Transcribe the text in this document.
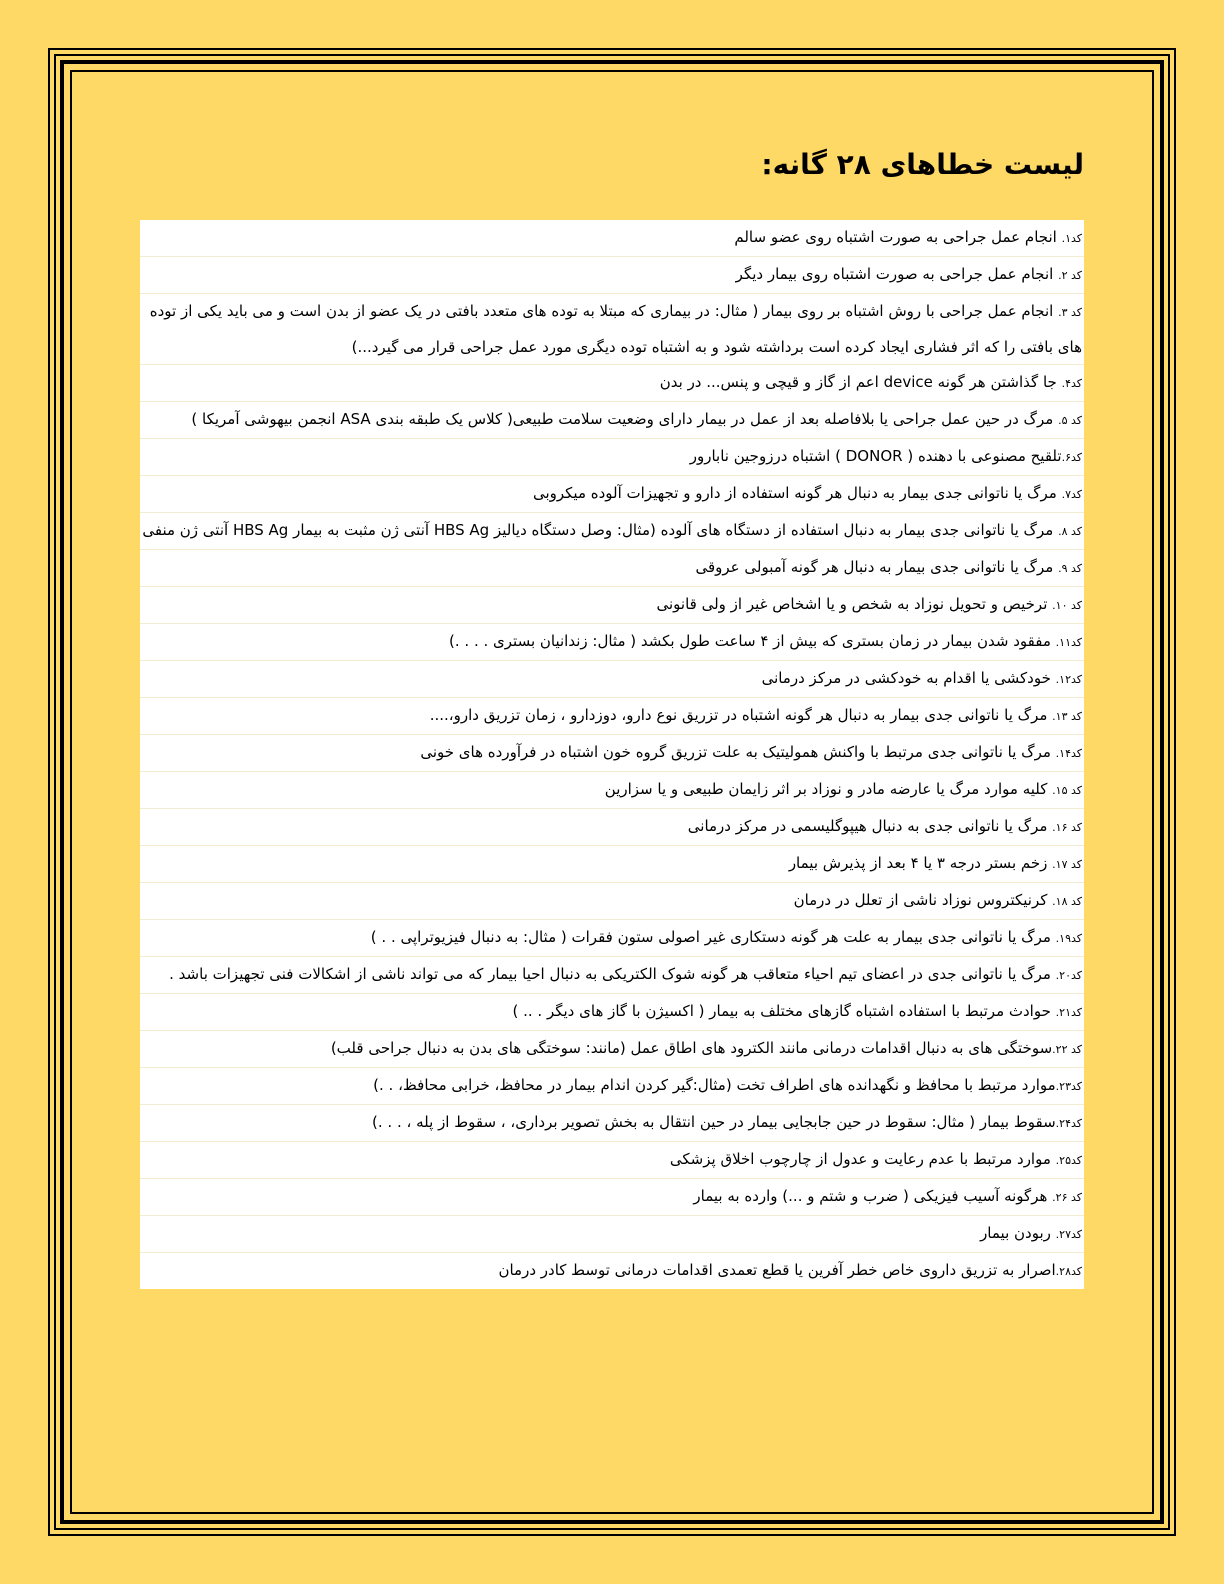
لیست خطاهای ۲۸ گانه:
کد۱. انجام عمل جراحی به صورت اشتباه روی عضو سالم
کد ۲. انجام عمل جراحی به صورت اشتباه روی بیمار دیگر
کد ۳. انجام عمل جراحی با روش اشتباه بر روی بیمار ( مثال: در بیماری که مبتلا به توده های متعدد بافتی در یک عضو از بدن است و می باید یکی از توده های بافتی را که اثر فشاری ایجاد کرده است برداشته شود و به اشتباه توده دیگری مورد عمل جراحی قرار می گیرد...)
کد۴. جا گذاشتن هر گونه device اعم از گاز و قیچی و پنس... در بدن
کد ۵. مرگ در حین عمل جراحی یا بلافاصله بعد از عمل در بیمار دارای وضعیت سلامت طبیعی( کلاس یک طبقه بندی ASA انجمن بیهوشی آمریکا )
کد۶.تلقیح مصنوعی با دهنده ( DONOR ) اشتباه درزوجین نابارور
کد۷. مرگ یا ناتوانی جدی بیمار به دنبال هر گونه استفاده از دارو و تجهیزات آلوده میکروبی
کد ۸. مرگ یا ناتوانی جدی بیمار به دنبال استفاده از دستگاه های آلوده (مثال: وصل دستگاه دیالیز HBS Ag آنتی ژن مثبت به بیمار HBS Ag آنتی ژن منفی
کد ۹. مرگ یا ناتوانی جدی بیمار به دنبال هر گونه آمبولی عروقی
کد ۱۰. ترخیص و تحویل نوزاد به شخص و یا اشخاص غیر از ولی قانونی
کد۱۱. مفقود شدن بیمار در زمان بستری که بیش از ۴ ساعت طول بکشد ( مثال: زندانیان بستری . . . .)
کد۱۲. خودکشی یا اقدام به خودکشی در مرکز درمانی
کد ۱۳. مرگ یا ناتوانی جدی بیمار به دنبال هر گونه اشتباه در تزریق نوع دارو، دوزدارو ، زمان تزریق دارو،....
کد۱۴. مرگ یا ناتوانی جدی مرتبط با واکنش همولیتیک به علت تزریق گروه خون اشتباه در فرآورده های خونی
کد ۱۵. کلیه موارد مرگ یا عارضه مادر و نوزاد بر اثر زایمان طبیعی و یا سزارین
کد ۱۶. مرگ یا ناتوانی جدی به دنبال هیپوگلیسمی در مرکز درمانی
کد ۱۷. زخم بستر درجه ۳ یا ۴ بعد از پذیرش بیمار
کد ۱۸. کرنیکتروس نوزاد ناشی از تعلل در درمان
کد۱۹. مرگ یا ناتوانی جدی بیمار به علت هر گونه دستکاری غیر اصولی ستون فقرات ( مثال: به دنبال فیزیوتراپی . . )
کد۲۰. مرگ یا ناتوانی جدی در اعضای تیم احیاء متعاقب هر گونه شوک الکتریکی به دنبال احیا بیمار که می تواند ناشی از اشکالات فنی تجهیزات باشد .
کد۲۱. حوادث مرتبط با استفاده اشتباه گازهای مختلف به بیمار ( اکسیژن با گاز های دیگر . .. )
کد ۲۲.سوختگی های به دنبال اقدامات درمانی مانند الکترود های اطاق عمل (مانند: سوختگی های بدن به دنبال جراحی قلب)
کد۲۳.موارد مرتبط با محافظ و نگهدانده های اطراف تخت (مثال:گیر کردن اندام بیمار در محافظ، خرابی محافظ، . .)
کد۲۴.سقوط بیمار ( مثال: سقوط در حین جابجایی بیمار در حین انتقال به بخش تصویر برداری، ، سقوط از پله ، . . .)
کد۲۵. موارد مرتبط با عدم رعایت و عدول از چارچوب اخلاق پزشکی
کد ۲۶. هرگونه آسیب فیزیکی ( ضرب و شتم و ...) وارده به بیمار
کد۲۷. ربودن بیمار
کد۲۸.اصرار به تزریق داروی خاص خطر آفرین یا قطع تعمدی اقدامات درمانی توسط کادر درمان
